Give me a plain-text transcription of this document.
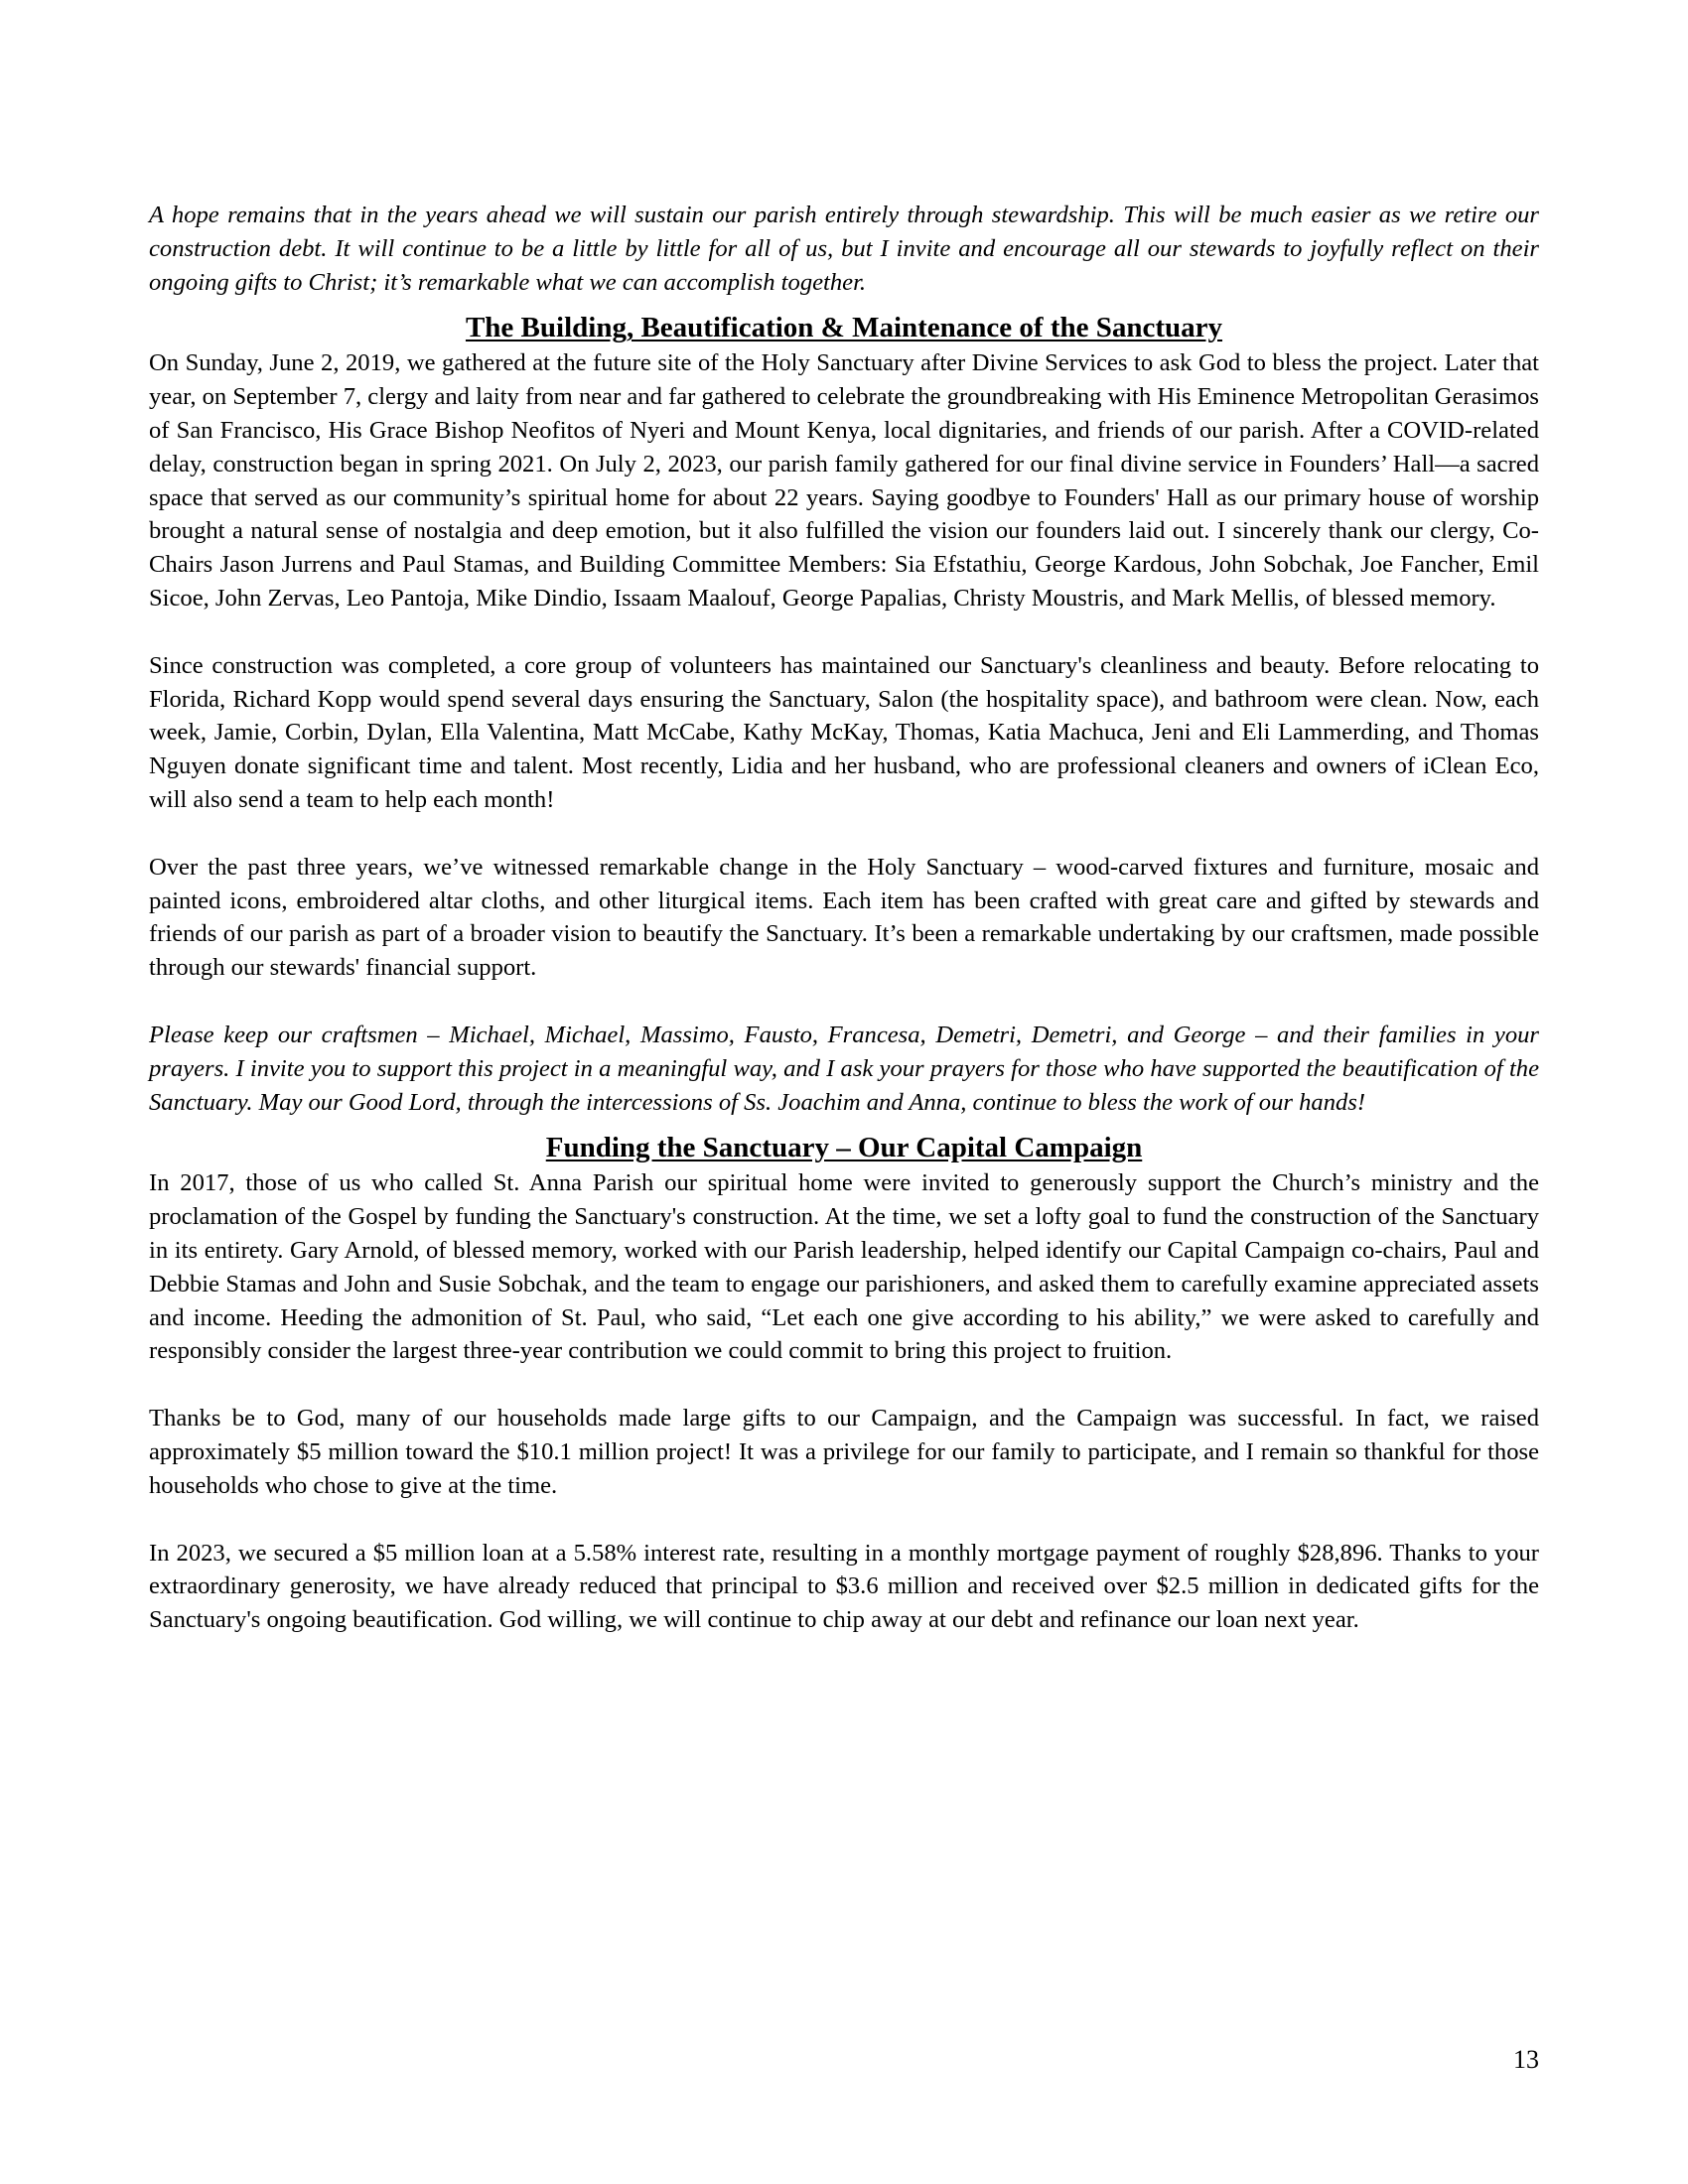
A hope remains that in the years ahead we will sustain our parish entirely through stewardship. This will be much easier as we retire our construction debt. It will continue to be a little by little for all of us, but I invite and encourage all our stewards to joyfully reflect on their ongoing gifts to Christ; it’s remarkable what we can accomplish together.

The Building, Beautification & Maintenance of the Sanctuary

On Sunday, June 2, 2019, we gathered at the future site of the Holy Sanctuary after Divine Services to ask God to bless the project. Later that year, on September 7, clergy and laity from near and far gathered to celebrate the groundbreaking with His Eminence Metropolitan Gerasimos of San Francisco, His Grace Bishop Neofitos of Nyeri and Mount Kenya, local dignitaries, and friends of our parish. After a COVID-related delay, construction began in spring 2021. On July 2, 2023, our parish family gathered for our final divine service in Founders’ Hall—a sacred space that served as our community’s spiritual home for about 22 years. Saying goodbye to Founders' Hall as our primary house of worship brought a natural sense of nostalgia and deep emotion, but it also fulfilled the vision our founders laid out. I sincerely thank our clergy, Co-Chairs Jason Jurrens and Paul Stamas, and Building Committee Members: Sia Efstathiu, George Kardous, John Sobchak, Joe Fancher, Emil Sicoe, John Zervas, Leo Pantoja, Mike Dindio, Issaam Maalouf, George Papalias, Christy Moustris, and Mark Mellis, of blessed memory.

Since construction was completed, a core group of volunteers has maintained our Sanctuary's cleanliness and beauty. Before relocating to Florida, Richard Kopp would spend several days ensuring the Sanctuary, Salon (the hospitality space), and bathroom were clean. Now, each week, Jamie, Corbin, Dylan, Ella Valentina, Matt McCabe, Kathy McKay, Thomas, Katia Machuca, Jeni and Eli Lammerding, and Thomas Nguyen donate significant time and talent. Most recently, Lidia and her husband, who are professional cleaners and owners of iClean Eco, will also send a team to help each month!

Over the past three years, we’ve witnessed remarkable change in the Holy Sanctuary – wood-carved fixtures and furniture, mosaic and painted icons, embroidered altar cloths, and other liturgical items. Each item has been crafted with great care and gifted by stewards and friends of our parish as part of a broader vision to beautify the Sanctuary. It’s been a remarkable undertaking by our craftsmen, made possible through our stewards' financial support.

Please keep our craftsmen – Michael, Michael, Massimo, Fausto, Francesa, Demetri, Demetri, and George – and their families in your prayers. I invite you to support this project in a meaningful way, and I ask your prayers for those who have supported the beautification of the Sanctuary. May our Good Lord, through the intercessions of Ss. Joachim and Anna, continue to bless the work of our hands!

Funding the Sanctuary – Our Capital Campaign

In 2017, those of us who called St. Anna Parish our spiritual home were invited to generously support the Church’s ministry and the proclamation of the Gospel by funding the Sanctuary's construction. At the time, we set a lofty goal to fund the construction of the Sanctuary in its entirety. Gary Arnold, of blessed memory, worked with our Parish leadership, helped identify our Capital Campaign co-chairs, Paul and Debbie Stamas and John and Susie Sobchak, and the team to engage our parishioners, and asked them to carefully examine appreciated assets and income. Heeding the admonition of St. Paul, who said, “Let each one give according to his ability,” we were asked to carefully and responsibly consider the largest three-year contribution we could commit to bring this project to fruition.

Thanks be to God, many of our households made large gifts to our Campaign, and the Campaign was successful. In fact, we raised approximately $5 million toward the $10.1 million project! It was a privilege for our family to participate, and I remain so thankful for those households who chose to give at the time.

In 2023, we secured a $5 million loan at a 5.58% interest rate, resulting in a monthly mortgage payment of roughly $28,896. Thanks to your extraordinary generosity, we have already reduced that principal to $3.6 million and received over $2.5 million in dedicated gifts for the Sanctuary's ongoing beautification. God willing, we will continue to chip away at our debt and refinance our loan next year.

13
